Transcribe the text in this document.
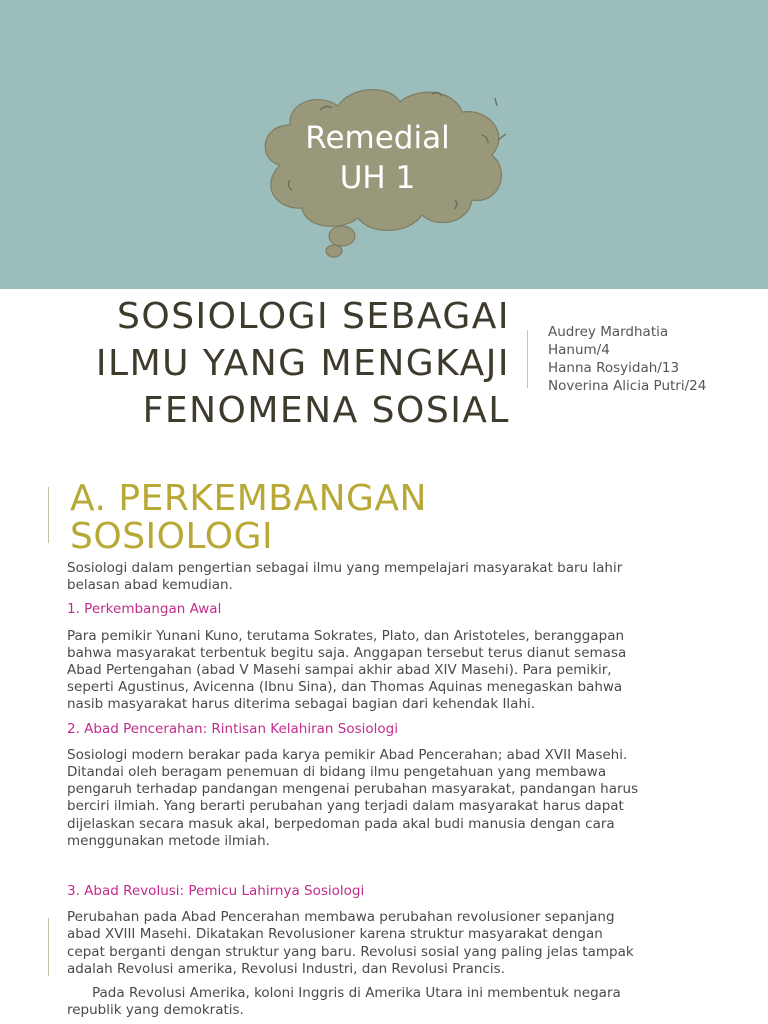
Remedial
UH 1
SOSIOLOGI SEBAGAI
ILMU YANG MENGKAJI
FENOMENA SOSIAL
Audrey Mardhatia
Hanum/4
Hanna Rosyidah/13
Noverina Alicia Putri/24
A. PERKEMBANGAN
SOSIOLOGI

Sosiologi dalam pengertian sebagai ilmu yang mempelajari masyarakat baru lahir
belasan abad kemudian.

1. Perkembangan Awal

Para pemikir Yunani Kuno, terutama Sokrates, Plato, dan Aristoteles, beranggapan
bahwa masyarakat terbentuk begitu saja. Anggapan tersebut terus dianut semasa
Abad Pertengahan (abad V Masehi sampai akhir abad XIV Masehi). Para pemikir,
seperti Agustinus, Avicenna (Ibnu Sina), dan Thomas Aquinas menegaskan bahwa
nasib masyarakat harus diterima sebagai bagian dari kehendak Ilahi.

2. Abad Pencerahan: Rintisan Kelahiran Sosiologi

Sosiologi modern berakar pada karya pemikir Abad Pencerahan; abad XVII Masehi.
Ditandai oleh beragam penemuan di bidang ilmu pengetahuan yang membawa
pengaruh terhadap pandangan mengenai perubahan masyarakat, pandangan harus
berciri ilmiah. Yang berarti perubahan yang terjadi dalam masyarakat harus dapat
dijelaskan secara masuk akal, berpedoman pada akal budi manusia dengan cara
menggunakan metode ilmiah.

3. Abad Revolusi: Pemicu Lahirnya Sosiologi

Perubahan pada Abad Pencerahan membawa perubahan revolusioner sepanjang
abad XVIII Masehi. Dikatakan Revolusioner karena struktur masyarakat dengan
cepat berganti dengan struktur yang baru. Revolusi sosial yang paling jelas tampak
adalah Revolusi amerika, Revolusi Industri, dan Revolusi Prancis.

Pada Revolusi Amerika, koloni Inggris di Amerika Utara ini membentuk negara
republik yang demokratis.
